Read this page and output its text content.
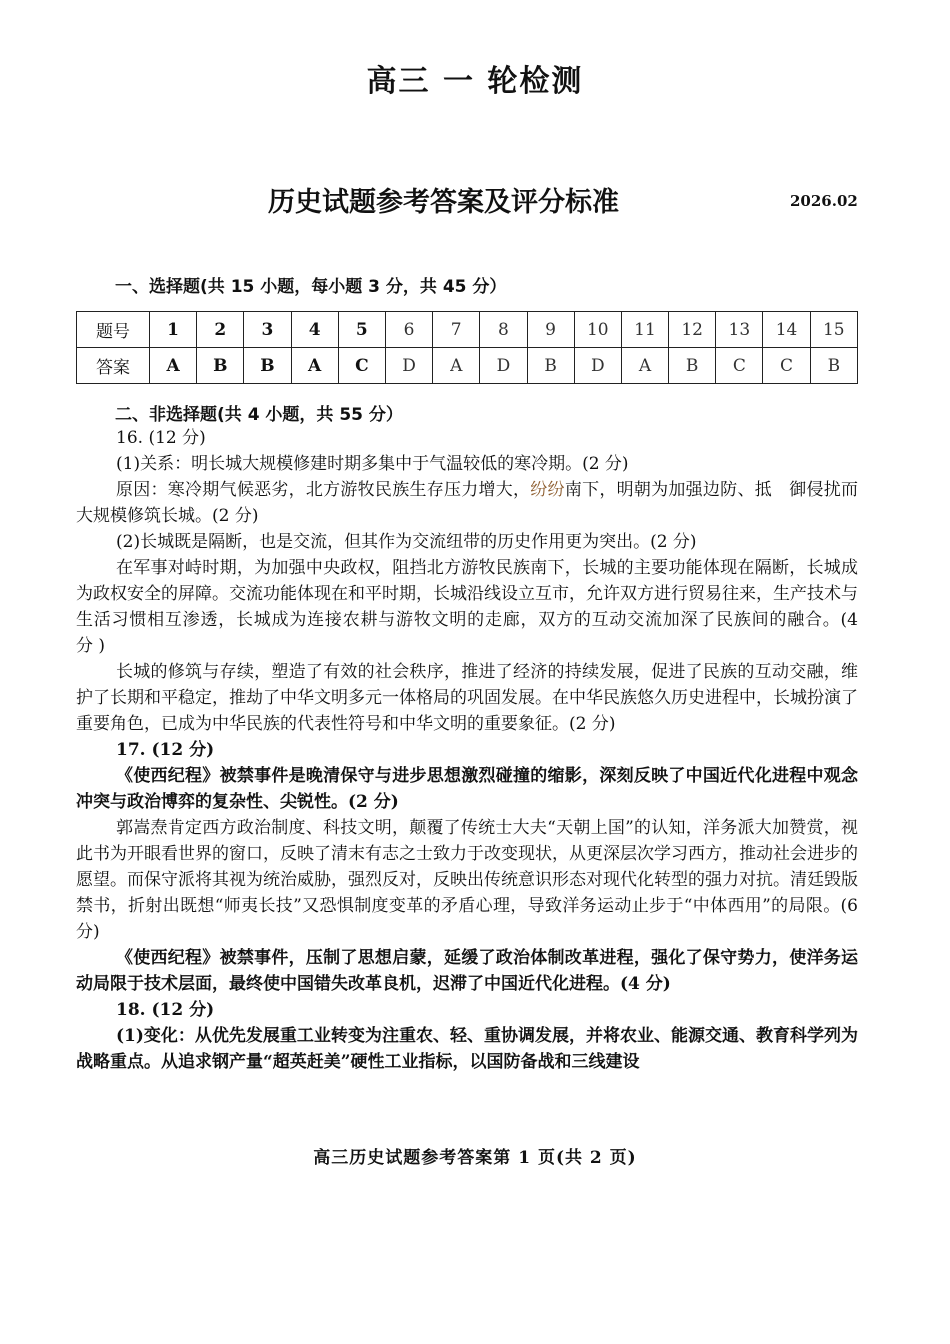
高三 一 轮检测
历史试题参考答案及评分标准	2026.02
一、选择题(共 15 小题，每小题 3 分，共 45 分）
题号	1	2	3	4	5	6	7	8	9	10	11	12	13	14	15
答案	A	B	B	A	C	D	A	D	B	D	A	B	C	C	B
二、非选择题(共 4 小题，共 55 分）

16. (12 分)

(1)关系：明长城大规模修建时期多集中于气温较低的寒冷期。(2 分)

原因：寒冷期气候恶劣，北方游牧民族生存压力增大，纷纷南下，明朝为加强边防、抵　御侵扰而大规模修筑长城。(2 分)

(2)长城既是隔断，也是交流，但其作为交流纽带的历史作用更为突出。(2 分)

在军事对峙时期，为加强中央政权，阻挡北方游牧民族南下，长城的主要功能体现在隔断，长城成为政权安全的屏障。交流功能体现在和平时期，长城沿线设立互市，允许双方进行贸易往来，生产技术与生活习惯相互渗透，长城成为连接农耕与游牧文明的走廊，双方的互动交流加深了民族间的融合。(4　分 )

长城的修筑与存续，塑造了有效的社会秩序，推进了经济的持续发展，促进了民族的互动交融，维护了长期和平稳定，推劫了中华文明多元一体格局的巩固发展。在中华民族悠久历史进程中，长城扮演了重要角色，已成为中华民族的代表性符号和中华文明的重要象征。(2 分)

17. (12 分)

《使西纪程》被禁事件是晚清保守与进步思想激烈碰撞的缩影，深刻反映了中国近代化进程中观念冲突与政治博弈的复杂性、尖锐性。(2 分)

郭嵩焘肯定西方政治制度、科技文明，颠覆了传统士大夫“天朝上国”的认知，洋务派大加赞赏，视此书为开眼看世界的窗口，反映了清末有志之士致力于改变现状，从更深层次学习西方，推动社会进步的愿望。而保守派将其视为统治威胁，强烈反对，反映出传统意识形态对现代化转型的强力对抗。清廷毁版禁书，折射出既想“师夷长技”又恐惧制度变革的矛盾心理，导致洋务运动止步于“中体西用”的局限。(6 分)

《使西纪程》被禁事件，压制了思想启蒙，延缓了政治体制改革进程，强化了保守势力，使洋务运动局限于技术层面，最终使中国错失改革良机，迟滞了中国近代化进程。(4 分)

18. (12 分)

(1)变化：从优先发展重工业转变为注重农、轻、重协调发展，并将农业、能源交通、教育科学列为战略重点。从追求钢产量“超英赶美”硬性工业指标，以国防备战和三线建设

高三历史试题参考答案第 1 页(共 2 页)
